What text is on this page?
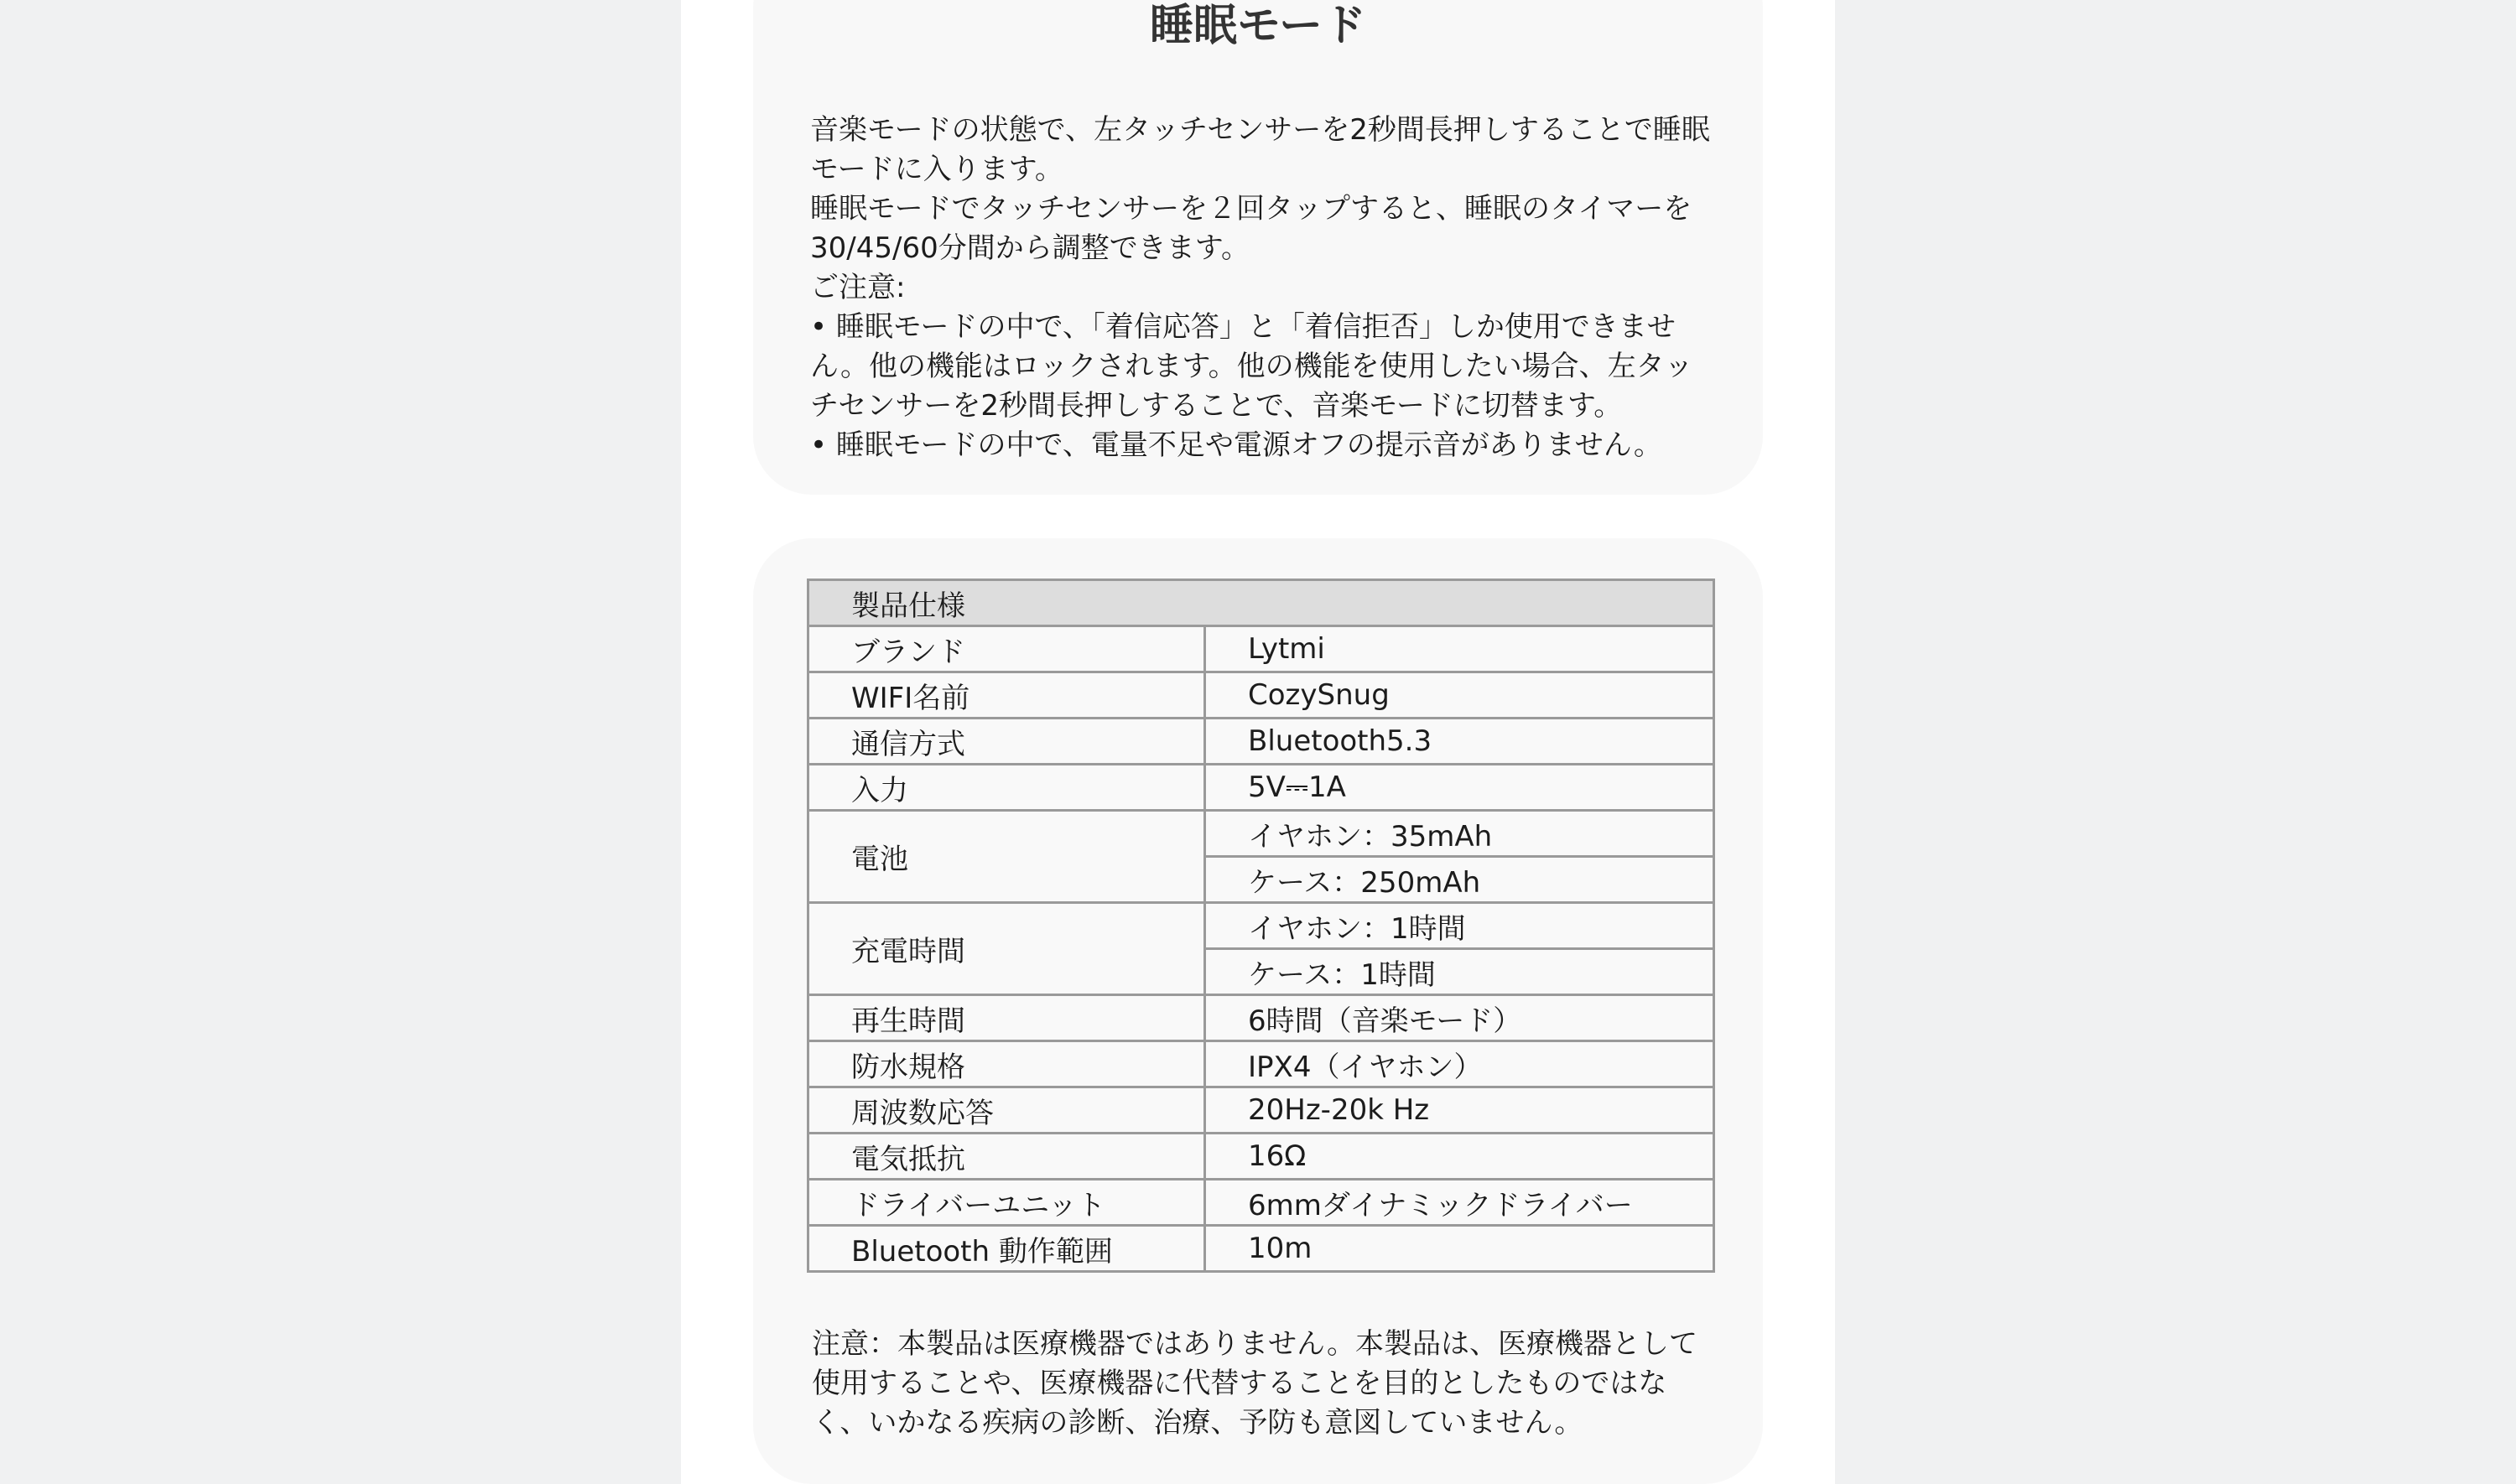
睡眠モード

音楽モードの状態で、左タッチセンサーを2秒間長押しすることで睡眠モードに入ります。

睡眠モードでタッチセンサーを２回タップすると、睡眠のタイマーを30/45/60分間から調整できます。

ご注意:

• 睡眠モードの中で、「着信応答」と「着信拒否」しか使用できません。他の機能はロックされます。他の機能を使用したい場合、左タッチセンサーを2秒間長押しすることで、音楽モードに切替ます。

• 睡眠モードの中で、電量不足や電源オフの提示音がありません。

製品仕様	
ブランド	Lytmi
WIFI名前	CozySnug
通信方式	Bluetooth5.3
入力	5V⎓1A
電池	イヤホン：35mAh
	ケース：250mAh
充電時間	イヤホン：1時間
	ケース：1時間
再生時間	6時間（音楽モード）
防水規格	IPX4（イヤホン）
周波数応答	20Hz-20k Hz
電気抵抗	16Ω
ドライバーユニット	6mmダイナミックドライバー
Bluetooth 動作範囲	10m
注意：本製品は医療機器ではありません。本製品は、医療機器として使用することや、医療機器に代替することを目的としたものではなく、いかなる疾病の診断、治療、予防も意図していません。
